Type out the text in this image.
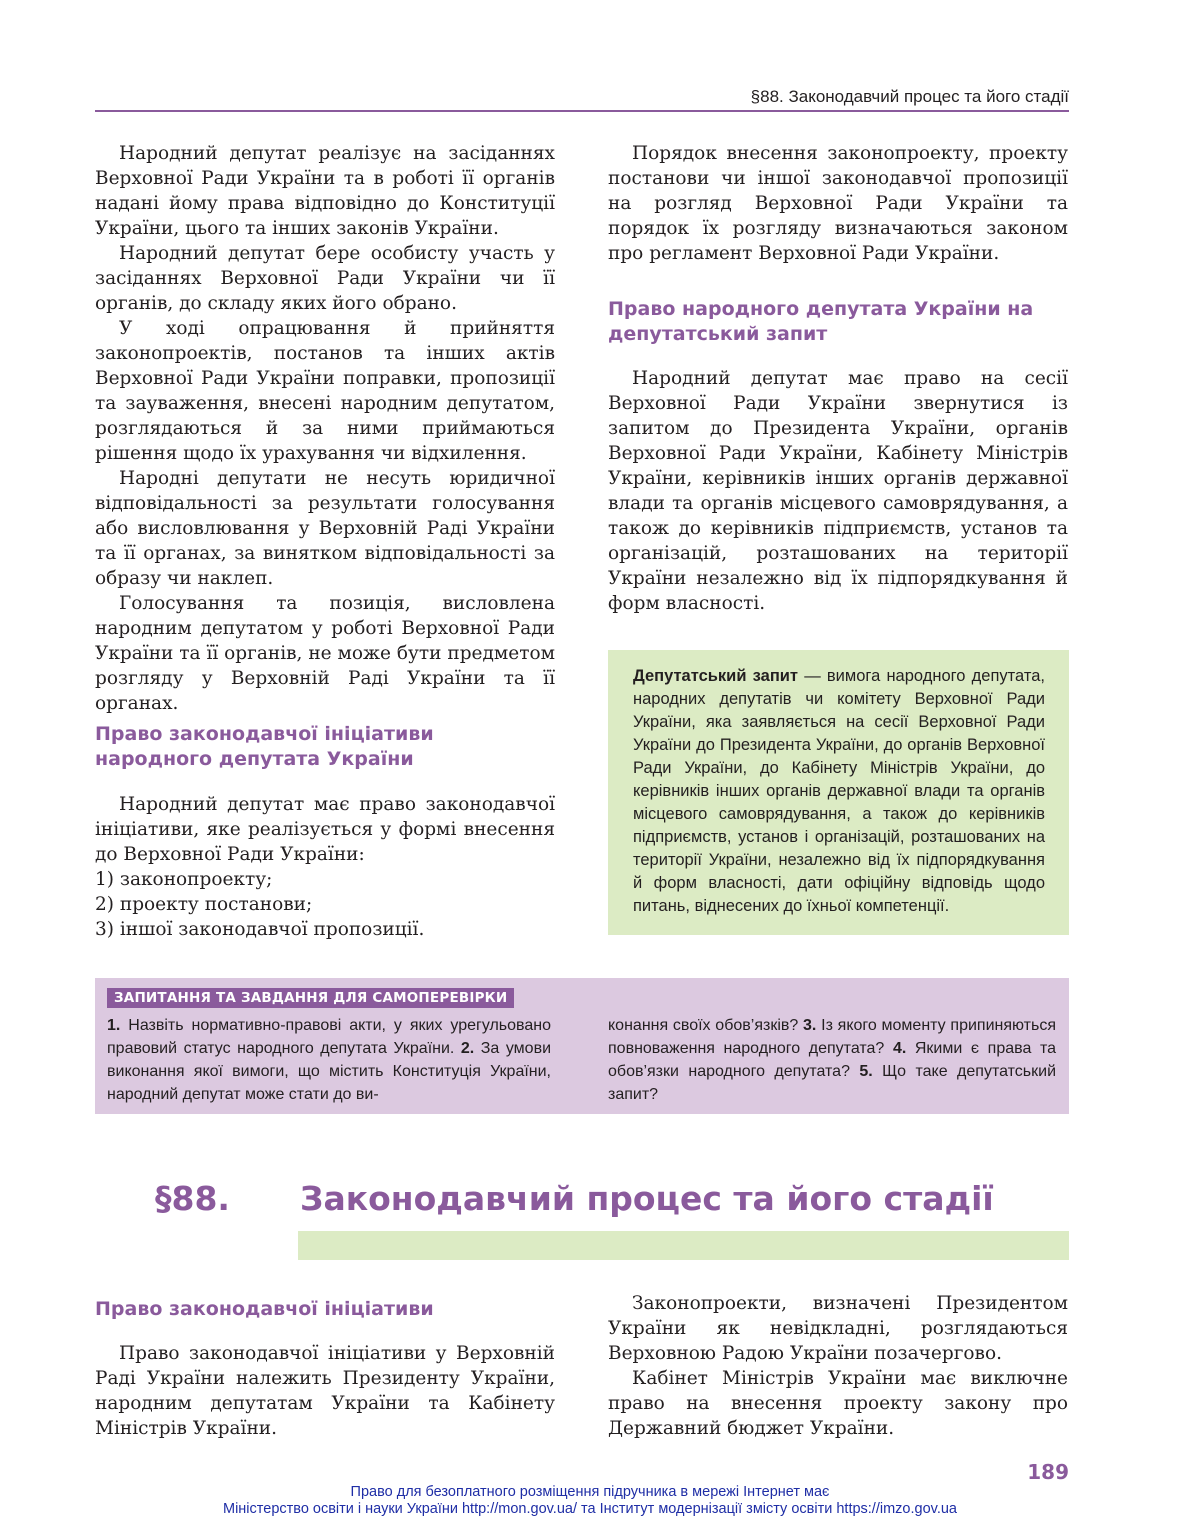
§88. Законодавчий процес та його стадії

Народний депутат реалізує на засіданнях Верховної Ради України та в роботі її органів надані йому права відповідно до Конституції України, цього та інших законів України.

Народний депутат бере особисту участь у засіданнях Верховної Ради України чи її органів, до складу яких його обрано.

У ході опрацювання й прийняття законопроектів, постанов та інших актів Верховної Ради України поправки, пропозиції та зауваження, внесені народним депутатом, розглядаються й за ними приймаються рішення щодо їх урахування чи відхилення.

Народні депутати не несуть юридичної відповідальності за результати голосування або висловлювання у Верховній Раді України та її органах, за винятком відповідальності за образу чи наклеп.

Голосування та позиція, висловлена народним депутатом у роботі Верховної Ради України та її органів, не може бути предметом розгляду у Верховній Раді України та її органах.

Право законодавчої ініціативи народного депутата України

Народний депутат має право законодавчої ініціативи, яке реалізується у формі внесення до Верховної Ради України:

1) законопроекту;
2) проекту постанови;
3) іншої законодавчої пропозиції.

Порядок внесення законопроекту, проекту постанови чи іншої законодавчої пропозиції на розгляд Верховної Ради України та порядок їх розгляду визначаються законом про регламент Верховної Ради України.

Право народного депутата України на депутатський запит

Народний депутат має право на сесії Верховної Ради України звернутися із запитом до Президента України, органів Верховної Ради України, Кабінету Міністрів України, керівників інших органів державної влади та органів місцевого самоврядування, а також до керівників підприємств, установ та організацій, розташованих на території України незалежно від їх підпорядкування й форм власності.

Депутатський запит — вимога народного депутата, народних депутатів чи комітету Верховної Ради України, яка заявляється на сесії Верховної Ради України до Президента України, до органів Верховної Ради України, до Кабінету Міністрів України, до керівників інших органів державної влади та органів місцевого самоврядування, а також до керівників підприємств, установ і організацій, розташованих на території України, незалежно від їх підпорядкування й форм власності, дати офіційну відповідь щодо питань, віднесених до їхньої компетенції.
ЗАПИТАННЯ ТА ЗАВДАННЯ ДЛЯ САМОПЕРЕВІРКИ
1. Назвіть нормативно-правові акти, у яких урегульовано правовий статус народного депутата України. 2. За умови виконання якої вимоги, що містить Конституція України, народний депутат може стати до ви-
конання своїх обов’язків? 3. Із якого моменту припиняються повноваження народного депутата? 4. Якими є права та обов’язки народного депутата? 5. Що таке депутатський запит?
§88. Законодавчий процес та його стадії
Право законодавчої ініціативи

Право законодавчої ініціативи у Верховній Раді України належить Президенту України, народним депутатам України та Кабінету Міністрів України.

Законопроекти, визначені Президентом України як невідкладні, розглядаються Верховною Радою України позачергово.

Кабінет Міністрів України має виключне право на внесення проекту закону про Державний бюджет України.

189
Право для безоплатного розміщення підручника в мережі Інтернет має
Міністерство освіти і науки України http://mon.gov.ua/ та Інститут модернізації змісту освіти https://imzo.gov.ua
